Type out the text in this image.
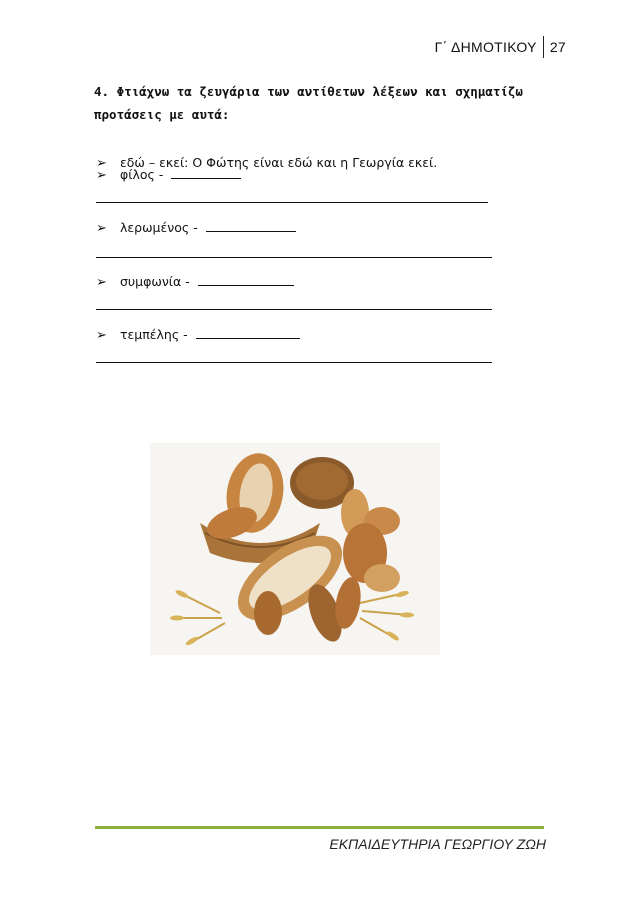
Γ΄ ΔΗΜΟΤΙΚΟΥ 27
4. Φτιάχνω τα ζευγάρια των αντίθετων λέξεων και σχηματίζω προτάσεις με αυτά:
➢	εδώ – εκεί: Ο Φώτης είναι εδώ και η Γεωργία εκεί.
➢	φίλος -
➢	λερωμένος -
➢	συμφωνία -
➢	τεμπέλης -
ΕΚΠΑΙΔΕΥΤΗΡΙΑ ΓΕΩΡΓΙΟΥ ΖΩΗ
